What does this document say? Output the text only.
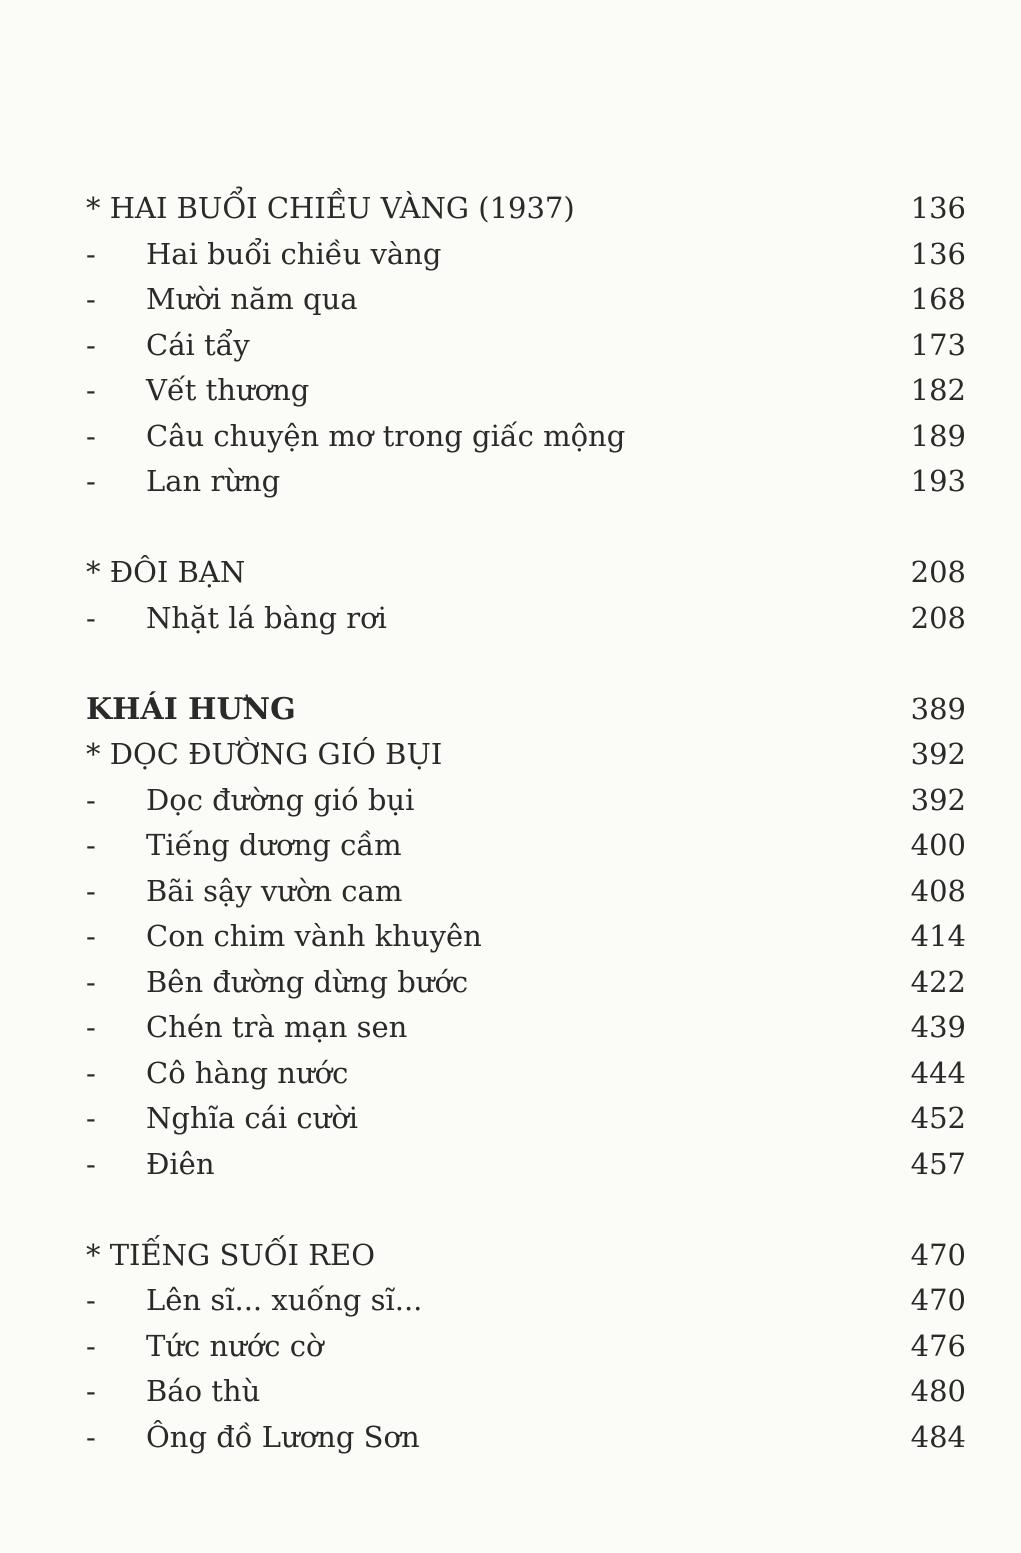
* HAI BUỔI CHIỀU VÀNG (1937)	136
- Hai buổi chiều vàng	136
- Mười năm qua	168
- Cái tẩy	173
- Vết thương	182
- Câu chuyện mơ trong giấc mộng	189
- Lan rừng	193
* ĐÔI BẠN	208
- Nhặt lá bàng rơi	208
KHÁI HƯNG	389
* DỌC ĐƯỜNG GIÓ BỤI	392
- Dọc đường gió bụi	392
- Tiếng dương cầm	400
- Bãi sậy vườn cam	408
- Con chim vành khuyên	414
- Bên đường dừng bước	422
- Chén trà mạn sen	439
- Cô hàng nước	444
- Nghĩa cái cười	452
- Điên	457
* TIẾNG SUỐI REO	470
- Lên sĩ... xuống sĩ...	470
- Tức nước cờ	476
- Báo thù	480
- Ông đồ Lương Sơn	484
